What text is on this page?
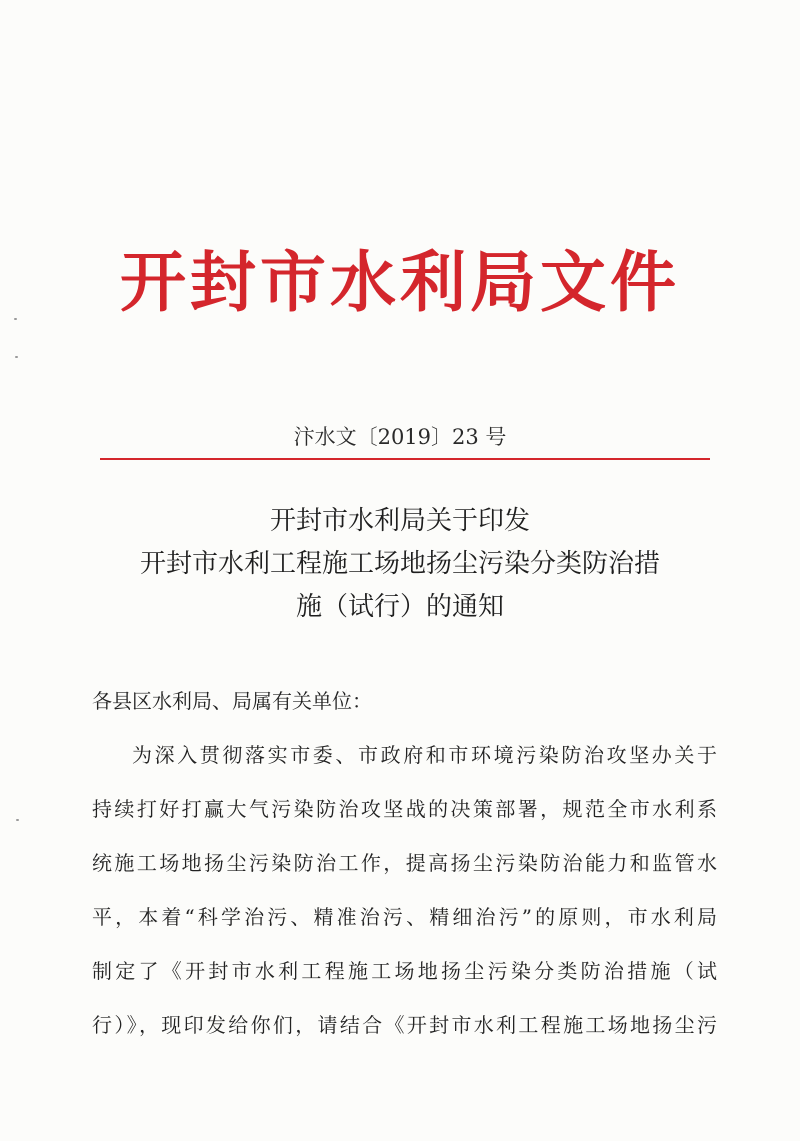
开封市水利局文件
汴水文〔2019〕23 号
开封市水利局关于印发
开封市水利工程施工场地扬尘污染分类防治措
施（试行）的通知
各县区水利局、局属有关单位：
为深入贯彻落实市委、市政府和市环境污染防治攻坚办关于
持续打好打赢大气污染防治攻坚战的决策部署，规范全市水利系
统施工场地扬尘污染防治工作，提高扬尘污染防治能力和监管水
平，本着“科学治污、精准治污、精细治污”的原则，市水利局
制定了《开封市水利工程施工场地扬尘污染分类防治措施（试
行）》，现印发给你们，请结合《开封市水利工程施工场地扬尘污
